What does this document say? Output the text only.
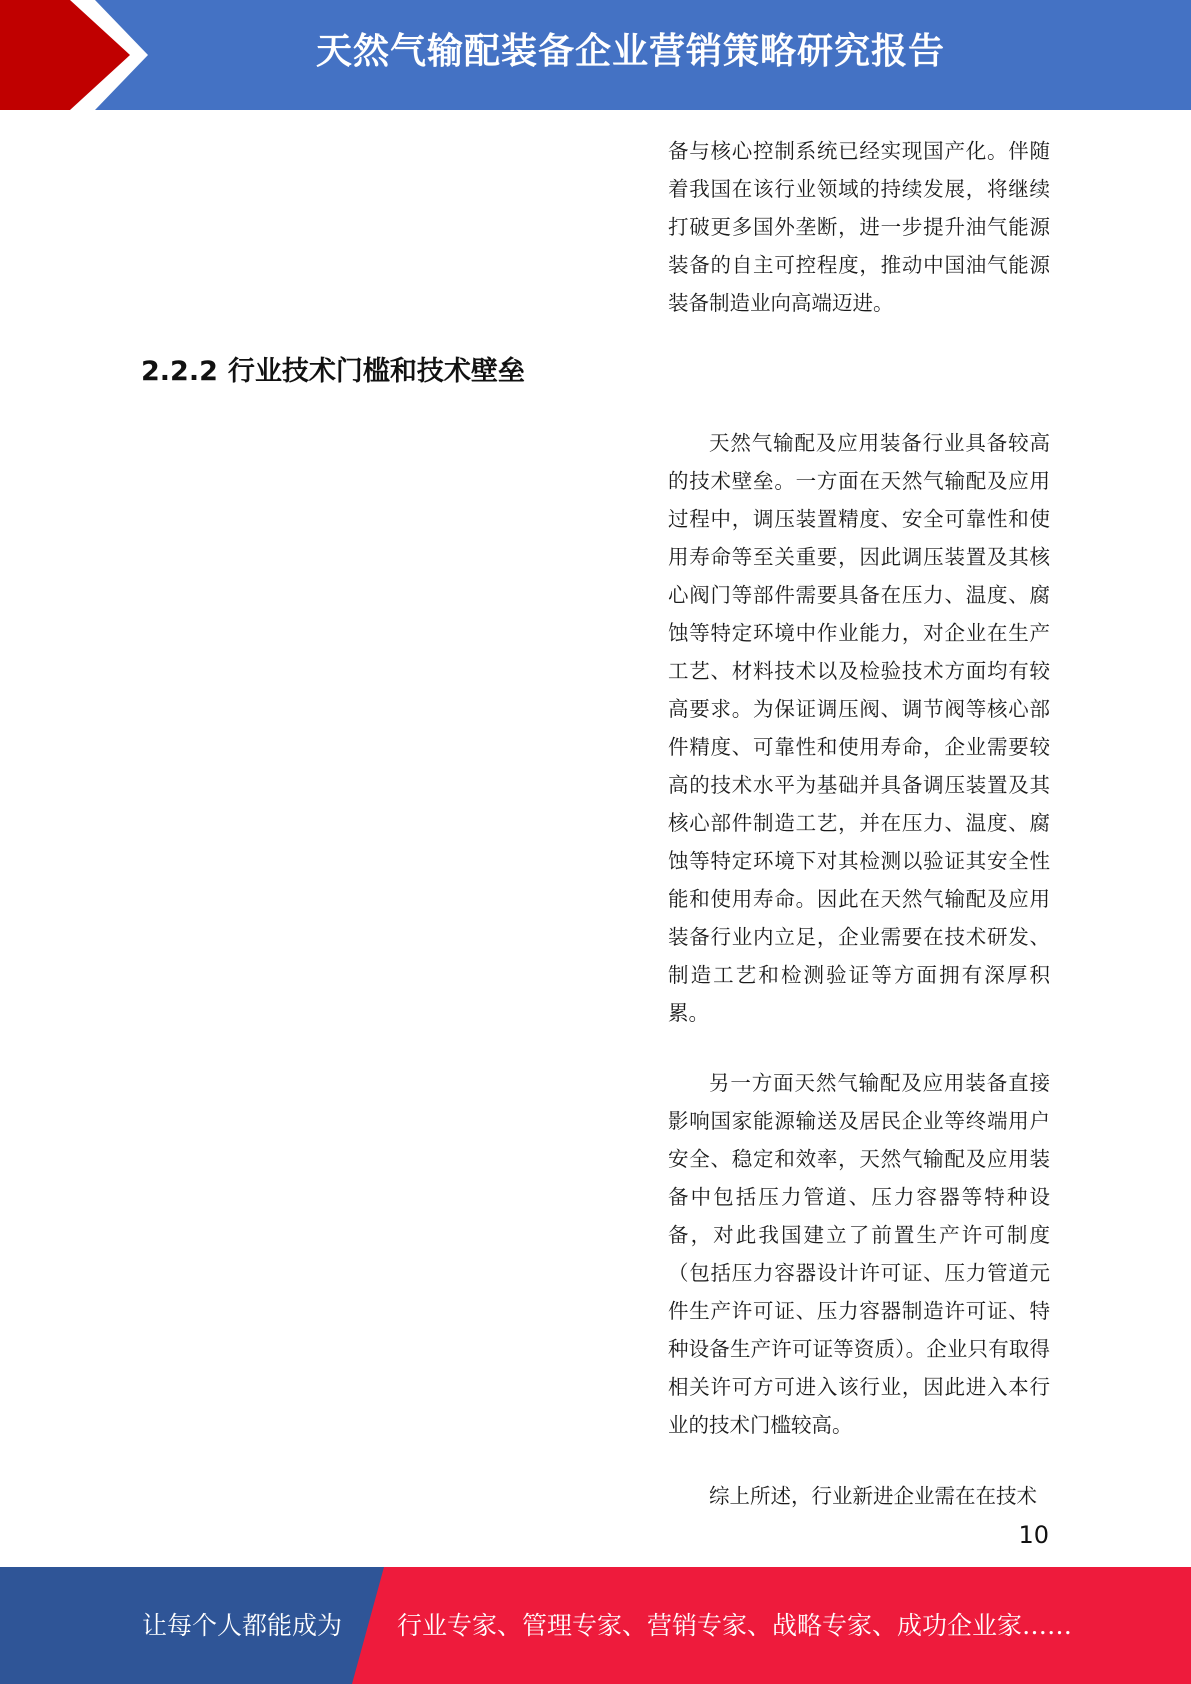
天然气输配装备企业营销策略研究报告
备与核心控制系统已经实现国产化。伴随着我国在该行业领域的持续发展，将继续打破更多国外垄断，进一步提升油气能源装备的自主可控程度，推动中国油气能源装备制造业向高端迈进。
2.2.2 行业技术门槛和技术壁垒
天然气输配及应用装备行业具备较高的技术壁垒。一方面在天然气输配及应用过程中，调压装置精度、安全可靠性和使用寿命等至关重要，因此调压装置及其核心阀门等部件需要具备在压力、温度、腐蚀等特定环境中作业能力，对企业在生产工艺、材料技术以及检验技术方面均有较高要求。为保证调压阀、调节阀等核心部件精度、可靠性和使用寿命，企业需要较高的技术水平为基础并具备调压装置及其核心部件制造工艺，并在压力、温度、腐蚀等特定环境下对其检测以验证其安全性能和使用寿命。因此在天然气输配及应用装备行业内立足，企业需要在技术研发、制造工艺和检测验证等方面拥有深厚积累。
另一方面天然气输配及应用装备直接影响国家能源输送及居民企业等终端用户安全、稳定和效率，天然气输配及应用装备中包括压力管道、压力容器等特种设备，对此我国建立了前置生产许可制度（包括压力容器设计许可证、压力管道元件生产许可证、压力容器制造许可证、特种设备生产许可证等资质）。企业只有取得相关许可方可进入该行业，因此进入本行业的技术门槛较高。
综上所述，行业新进企业需在在技术
10
让每个人都能成为 行业专家、管理专家、营销专家、战略专家、成功企业家……
